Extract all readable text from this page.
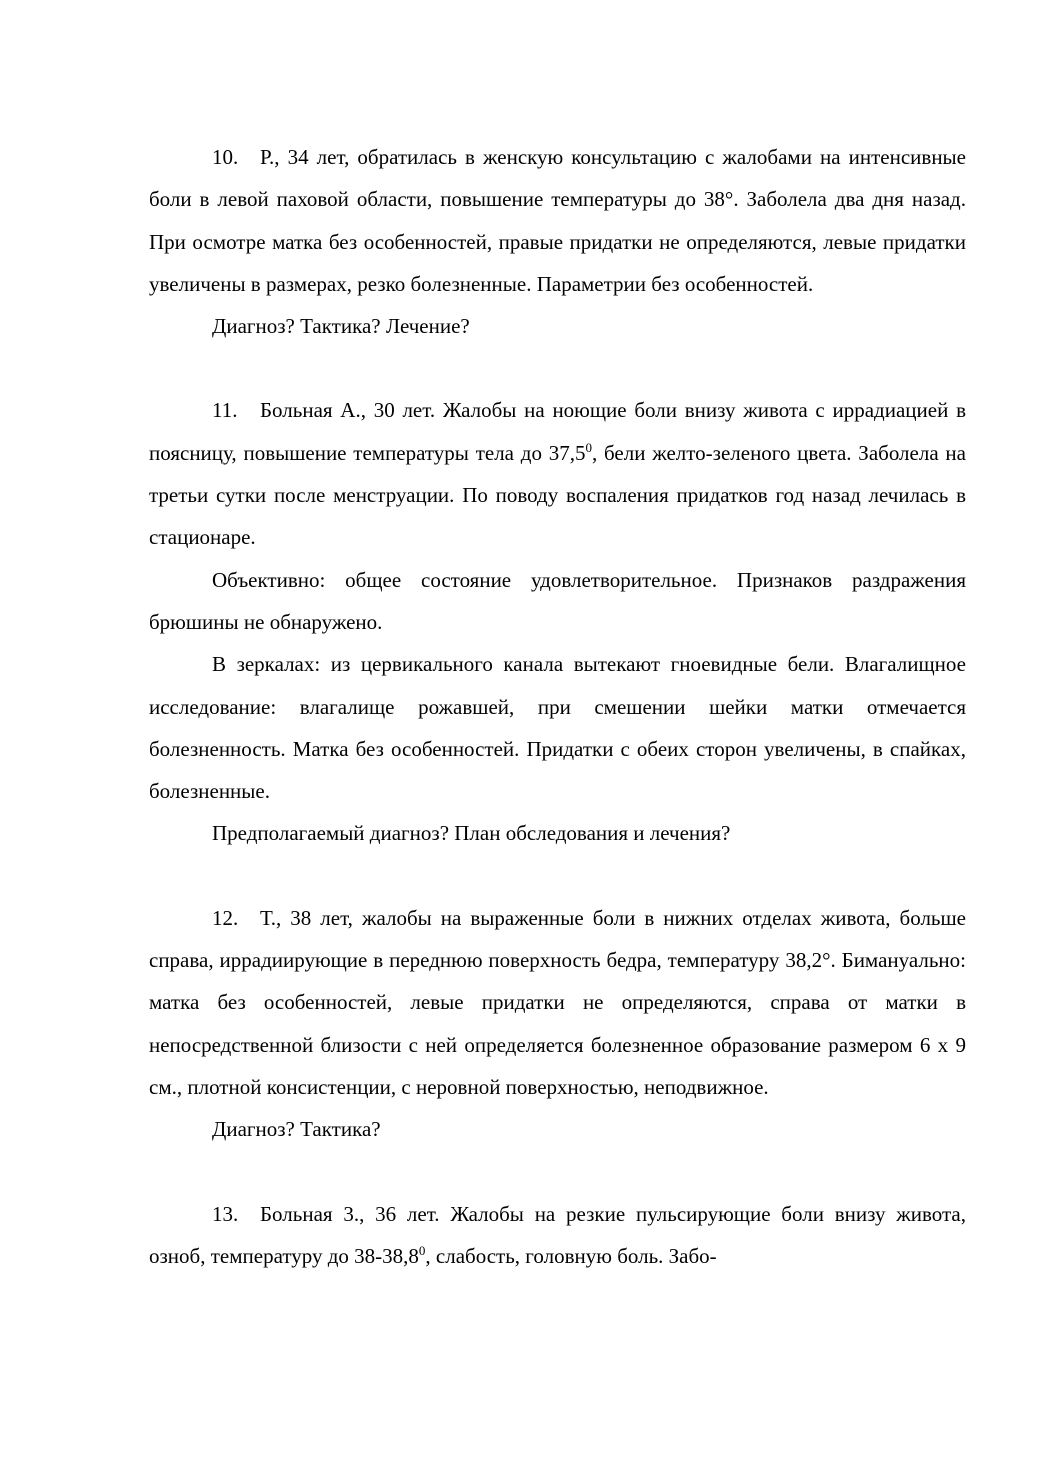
10. Р., 34 лет, обратилась в женскую консультацию с жалобами на интенсивные боли в левой паховой области, повышение температуры до 38°. Заболела два дня назад. При осмотре матка без особенностей, правые придатки не определяются, левые придатки увеличены в размерах, резко болезненные. Параметрии без особенностей.

Диагноз? Тактика? Лечение?

11. Больная А., 30 лет. Жалобы на ноющие боли внизу живота с иррадиацией в поясницу, повышение температуры тела до 37,5$^0$, бели желто-зеленого цвета. Заболела на третьи сутки после менструации. По поводу воспаления придатков год назад лечилась в стационаре.

Объективно: общее состояние удовлетворительное. Признаков раздражения брюшины не обнаружено.

В зеркалах: из цервикального канала вытекают гноевидные бели. Влагалищное исследование: влагалище рожавшей, при смешении шейки матки отмечается болезненность. Матка без особенностей. Придатки с обеих сторон увеличены, в спайках, болезненные.

Предполагаемый диагноз? План обследования и лечения?

12. Т., 38 лет, жалобы на выраженные боли в нижних отделах живота, больше справа, иррадиирующие в переднюю поверхность бедра, температуру 38,2°. Бимануально: матка без особенностей, левые придатки не определяются, справа от матки в непосредственной близости с ней определяется болезненное образование размером 6 х 9 см., плотной консистенции, с неровной поверхностью, неподвижное.

Диагноз? Тактика?

13. Больная 3., 36 лет. Жалобы на резкие пульсирующие боли внизу живота, озноб, температуру до 38-38,8$^0$, слабость, головную боль. Забо-
